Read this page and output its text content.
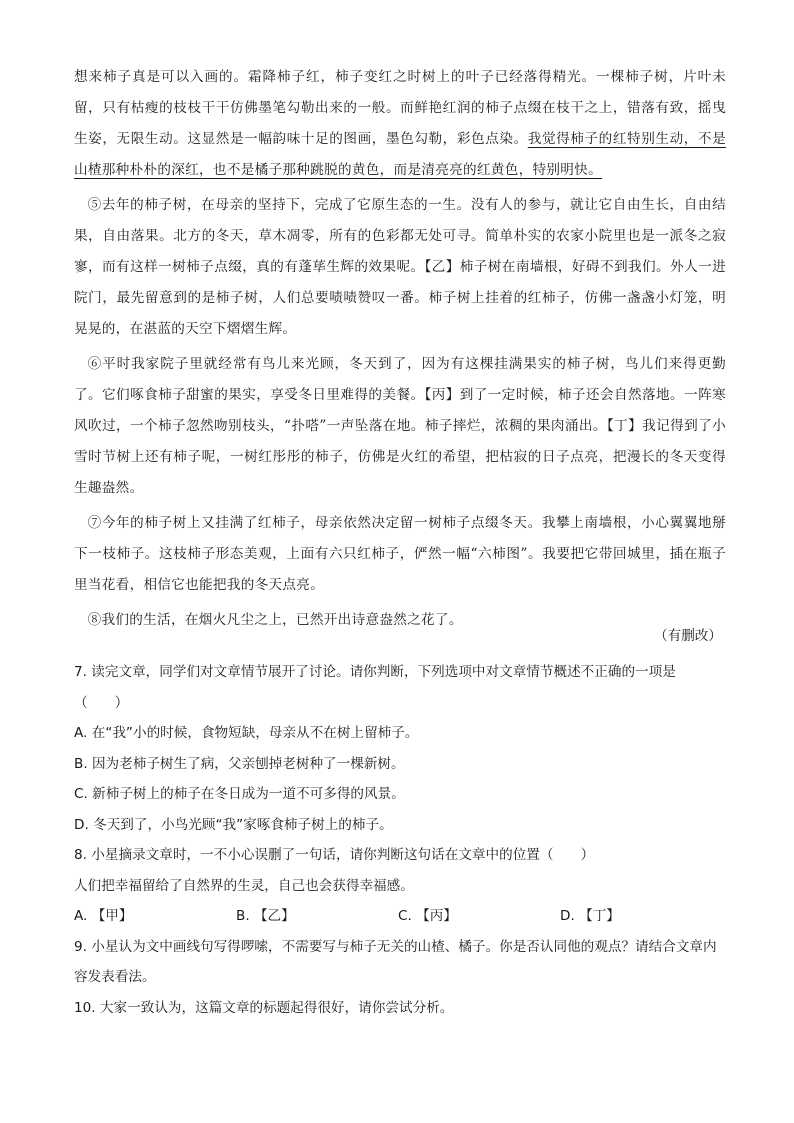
想来柿子真是可以入画的。霜降柿子红，柿子变红之时树上的叶子已经落得精光。一棵柿子树，片叶未留，只有枯瘦的枝枝干干仿佛墨笔勾勒出来的一般。而鲜艳红润的柿子点缀在枝干之上，错落有致，摇曳生姿，无限生动。这显然是一幅韵味十足的图画，墨色勾勒，彩色点染。我觉得柿子的红特别生动，不是山楂那种朴朴的深红，也不是橘子那种跳脱的黄色，而是清亮亮的红黄色，特别明快。

⑤去年的柿子树，在母亲的坚持下，完成了它原生态的一生。没有人的参与，就让它自由生长，自由结果，自由落果。北方的冬天，草木凋零，所有的色彩都无处可寻。简单朴实的农家小院里也是一派冬之寂寥，而有这样一树柿子点缀，真的有蓬荜生辉的效果呢。【乙】柿子树在南墙根，好碍不到我们。外人一进院门，最先留意到的是柿子树，人们总要啧啧赞叹一番。柿子树上挂着的红柿子，仿佛一盏盏小灯笼，明晃晃的，在湛蓝的天空下熠熠生辉。

⑥平时我家院子里就经常有鸟儿来光顾，冬天到了，因为有这棵挂满果实的柿子树，鸟儿们来得更勤了。它们啄食柿子甜蜜的果实，享受冬日里难得的美餐。【丙】到了一定时候，柿子还会自然落地。一阵寒风吹过，一个柿子忽然吻别枝头，“扑嗒”一声坠落在地。柿子摔烂，浓稠的果肉涌出。【丁】我记得到了小雪时节树上还有柿子呢，一树红彤彤的柿子，仿佛是火红的希望，把枯寂的日子点亮，把漫长的冬天变得生趣盎然。

⑦今年的柿子树上又挂满了红柿子，母亲依然决定留一树柿子点缀冬天。我攀上南墙根，小心翼翼地掰下一枝柿子。这枝柿子形态美观，上面有六只红柿子，俨然一幅“六柿图”。我要把它带回城里，插在瓶子里当花看，相信它也能把我的冬天点亮。

⑧我们的生活，在烟火凡尘之上，已然开出诗意盎然之花了。

（有删改）
7. 读完文章，同学们对文章情节展开了讨论。请你判断，下列选项中对文章情节概述不正确的一项是
（　　）
A. 在“我”小的时候，食物短缺，母亲从不在树上留柿子。
B. 因为老柿子树生了病，父亲刨掉老树种了一棵新树。
C. 新柿子树上的柿子在冬日成为一道不可多得的风景。
D. 冬天到了，小鸟光顾“我”家啄食柿子树上的柿子。
8. 小星摘录文章时，一不小心误删了一句话，请你判断这句话在文章中的位置（　　）
人们把幸福留给了自然界的生灵，自己也会获得幸福感。
A. 【甲】	B. 【乙】	C. 【丙】	D. 【丁】
9. 小星认为文中画线句写得啰嗦，不需要写与柿子无关的山楂、橘子。你是否认同他的观点？请结合文章内容发表看法。
10. 大家一致认为，这篇文章的标题起得很好，请你尝试分析。
